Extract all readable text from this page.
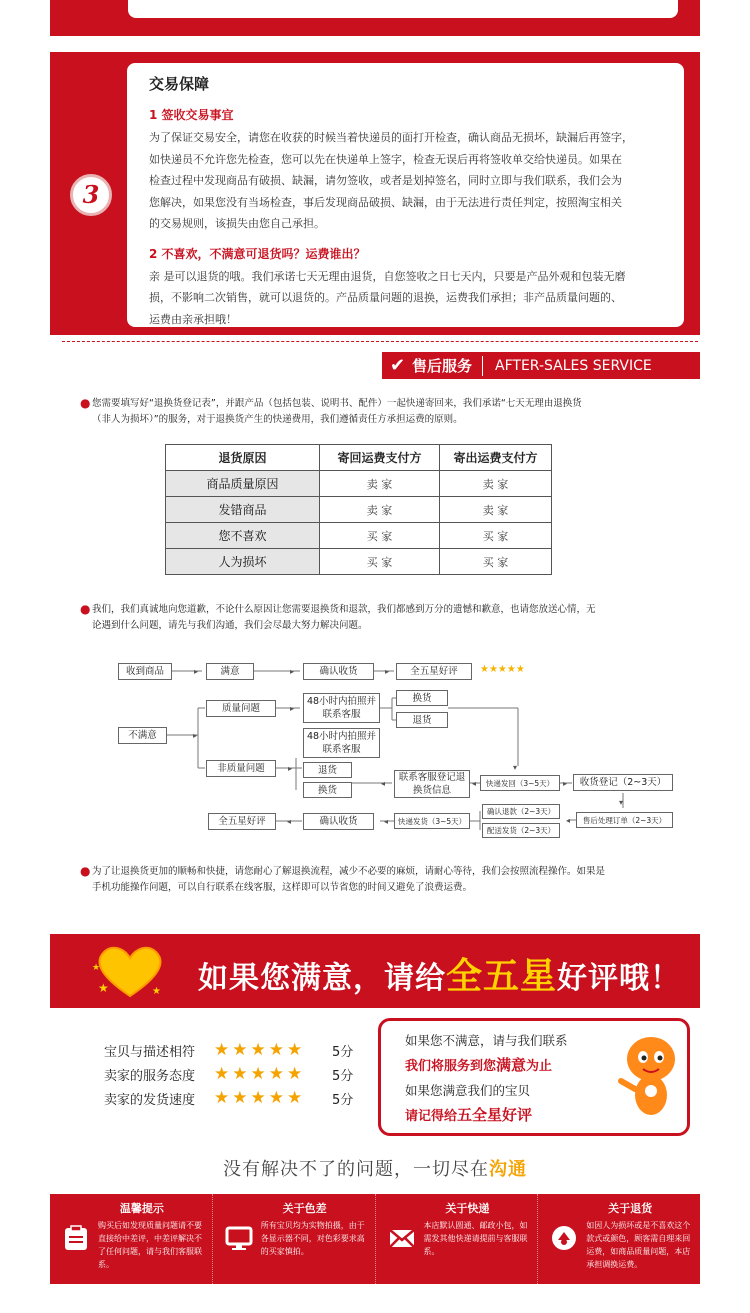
3
交易保障
1 签收交易事宜
为了保证交易安全，请您在收获的时候当着快递员的面打开检查，确认商品无损坏，缺漏后再签字，
如快递员不允许您先检查，您可以先在快递单上签字，检查无误后再将签收单交给快递员。如果在
检查过程中发现商品有破损、缺漏，请勿签收，或者是划掉签名，同时立即与我们联系，我们会为
您解决，如果您没有当场检查，事后发现商品破损、缺漏，由于无法进行责任判定，按照淘宝相关
的交易规则，该损失由您自己承担。
2 不喜欢，不满意可退货吗？运费谁出？
亲 是可以退货的哦。我们承诺七天无理由退货，自您签收之日七天内，只要是产品外观和包装无磨
损，不影响二次销售，就可以退货的。产品质量问题的退换，运费我们承担；非产品质量问题的、
运费由亲承担哦！
✔ 售后服务	AFTER-SALES SERVICE
● 您需要填写好“退换货登记表”，并跟产品（包括包装、说明书、配件）一起快递寄回来，我们承诺“七天无理由退换货
（非人为损坏）”的服务，对于退换货产生的快递费用，我们遵循责任方承担运费的原则。
退货原因	寄回运费支付方	寄出运费支付方
商品质量原因	卖 家	卖 家
发错商品	卖 家	卖 家
您不喜欢	买 家	买 家
人为损坏	买 家	买 家
● 我们，我们真诚地向您道歉，不论什么原因让您需要退换货和退款，我们都感到万分的遗憾和歉意，也请您放送心情，无
论遇到什么问题，请先与我们沟通，我们会尽最大努力解决问题。
▸	▸	▸
▸
▸
▸	▾
◂	◂	▸
▾
◂
◂
◂
收到商品	满意	确认收货	全五星好评	★★★★★
不满意
质量问题
48小时内拍照并联系客服
换货
退货
48小时内拍照并联系客服
非质量问题	退货
换货
联系客服登记退换货信息
快递发回（3~5天）	收货登记（2~3天）
确认退款（2~3天）
配送发货（2~3天）
售后处理订单（2~3天）
快递发货（3~5天）
确认收货
全五星好评
● 为了让退换货更加的顺畅和快捷，请您耐心了解退换流程，减少不必要的麻烦，请耐心等待，我们会按照流程操作。如果是
手机功能操作问题，可以自行联系在线客服，这样即可以节省您的时间又避免了浪费运费。
★	★
★	如果您满意，请给全五星好评哦！
宝贝与描述相符	★★★★★	5分
卖家的服务态度	★★★★★	5分
卖家的发货速度	★★★★★	5分
如果您不满意，请与我们联系
我们将服务到您满意为止
如果您满意我们的宝贝
请记得给五全星好评
没有解决不了的问题，一切尽在沟通
温馨提示
购买后如发现质量问题请不要直接给中差评，中差评解决不了任何问题，请与我们客服联系。
关于色差
所有宝贝均为实物拍摄，由于各显示器不同，对色彩要求高的买家慎拍。
关于快递
本店默认圆通、邮政小包，如需发其他快递请提前与客服联系。
关于退货
如因人为损坏或是不喜欢这个款式或颜色，顾客需自理来回运费，如商品质量问题，本店承担调换运费。
